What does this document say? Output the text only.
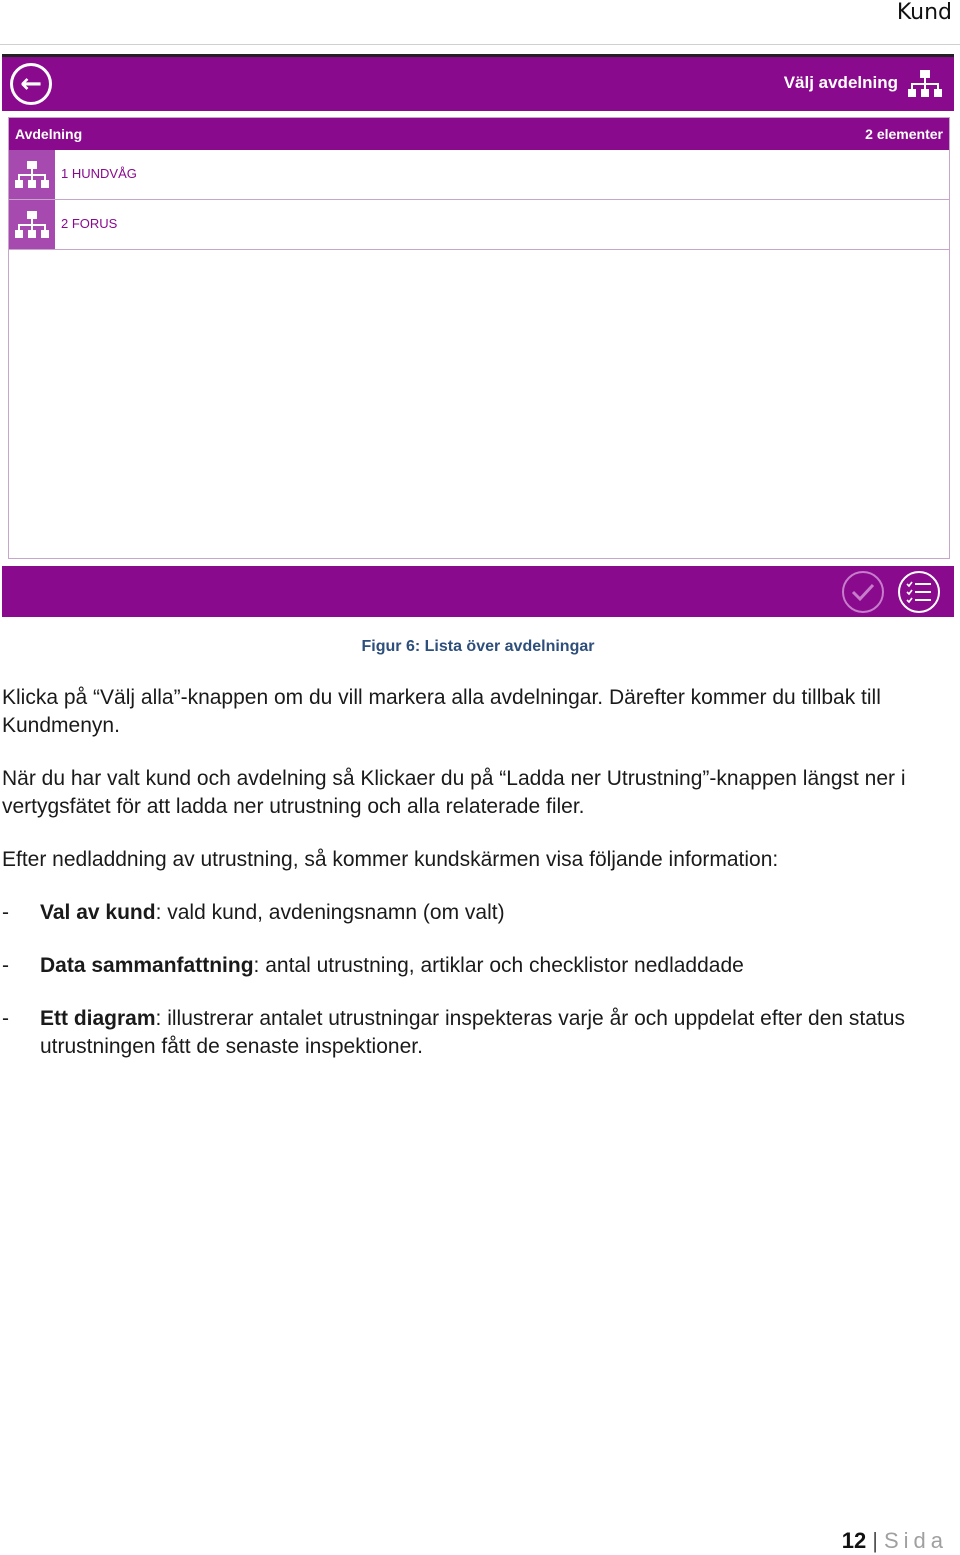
Kund
←	Välj avdelning
Avdelning	2 elementer
1 HUNDVÅG
2 FORUS
Figur 6: Lista över avdelningar
Klicka på “Välj alla”-knappen om du vill markera alla avdelningar. Därefter kommer du tillbak till Kundmenyn.
När du har valt kund och avdelning så Klickaer du på “Ladda ner Utrustning”-knappen längst ner i vertygsfätet för att ladda ner utrustning och alla relaterade filer.
Efter nedladdning av utrustning, så kommer kundskärmen visa följande information:
- Val av kund: vald kund, avdeningsnamn (om valt)
- Data sammanfattning: antal utrustning, artiklar och checklistor nedladdade
- Ett diagram: illustrerar antalet utrustningar inspekteras varje år och uppdelat efter den status utrustningen fått de senaste inspektioner.
12 | Sida
